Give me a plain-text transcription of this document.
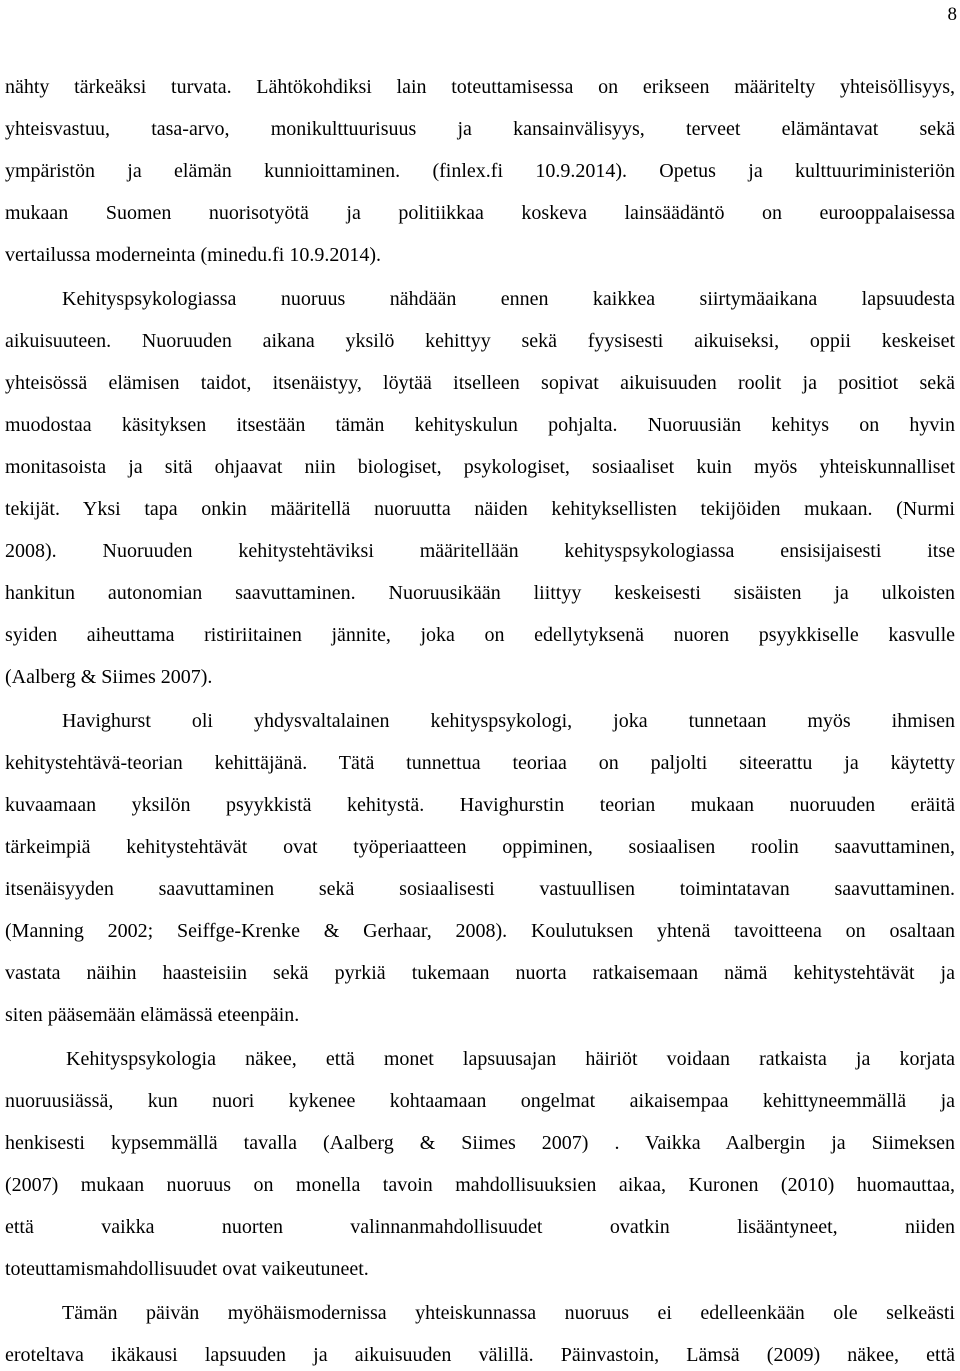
8
nähty tärkeäksi turvata. Lähtökohdiksi lain toteuttamisessa on erikseen määritelty yhteisöllisyys,
yhteisvastuu, tasa-arvo, monikulttuurisuus ja kansainvälisyys, terveet elämäntavat sekä
ympäristön ja elämän kunnioittaminen. (finlex.fi 10.9.2014). Opetus ja kulttuuriministeriön
mukaan Suomen nuorisotyötä ja politiikkaa koskeva lainsäädäntö on eurooppalaisessa
vertailussa moderneinta (minedu.fi 10.9.2014).
Kehityspsykologiassa nuoruus nähdään ennen kaikkea siirtymäaikana lapsuudesta
aikuisuuteen. Nuoruuden aikana yksilö kehittyy sekä fyysisesti aikuiseksi, oppii keskeiset
yhteisössä elämisen taidot, itsenäistyy, löytää itselleen sopivat aikuisuuden roolit ja positiot sekä
muodostaa käsityksen itsestään tämän kehityskulun pohjalta. Nuoruusiän kehitys on hyvin
monitasoista ja sitä ohjaavat niin biologiset, psykologiset, sosiaaliset kuin myös yhteiskunnalliset
tekijät. Yksi tapa onkin määritellä nuoruutta näiden kehityksellisten tekijöiden mukaan. (Nurmi
2008). Nuoruuden kehitystehtäviksi määritellään kehityspsykologiassa ensisijaisesti itse
hankitun autonomian saavuttaminen. Nuoruusikään liittyy keskeisesti sisäisten ja ulkoisten
syiden aiheuttama ristiriitainen jännite, joka on edellytyksenä nuoren psyykkiselle kasvulle
(Aalberg & Siimes 2007).
Havighurst oli yhdysvaltalainen kehityspsykologi, joka tunnetaan myös ihmisen
kehitystehtävä-teorian kehittäjänä. Tätä tunnettua teoriaa on paljolti siteerattu ja käytetty
kuvaamaan yksilön psyykkistä kehitystä. Havighurstin teorian mukaan nuoruuden eräitä
tärkeimpiä kehitystehtävät ovat työperiaatteen oppiminen, sosiaalisen roolin saavuttaminen,
itsenäisyyden saavuttaminen sekä sosiaalisesti vastuullisen toimintatavan saavuttaminen.
(Manning 2002; Seiffge-Krenke & Gerhaar, 2008). Koulutuksen yhtenä tavoitteena on osaltaan
vastata näihin haasteisiin sekä pyrkiä tukemaan nuorta ratkaisemaan nämä kehitystehtävät ja
siten pääsemään elämässä eteenpäin.
Kehityspsykologia näkee, että monet lapsuusajan häiriöt voidaan ratkaista ja korjata
nuoruusiässä, kun nuori kykenee kohtaamaan ongelmat aikaisempaa kehittyneemmällä ja
henkisesti kypsemmällä tavalla (Aalberg & Siimes 2007) . Vaikka Aalbergin ja Siimeksen
(2007) mukaan nuoruus on monella tavoin mahdollisuuksien aikaa, Kuronen (2010) huomauttaa,
että vaikka nuorten valinnanmahdollisuudet ovatkin lisääntyneet, niiden
toteuttamismahdollisuudet ovat vaikeutuneet.
Tämän päivän myöhäismodernissa yhteiskunnassa nuoruus ei edelleenkään ole selkeästi
eroteltava ikäkausi lapsuuden ja aikuisuuden välillä. Päinvastoin, Lämsä (2009) näkee, että
